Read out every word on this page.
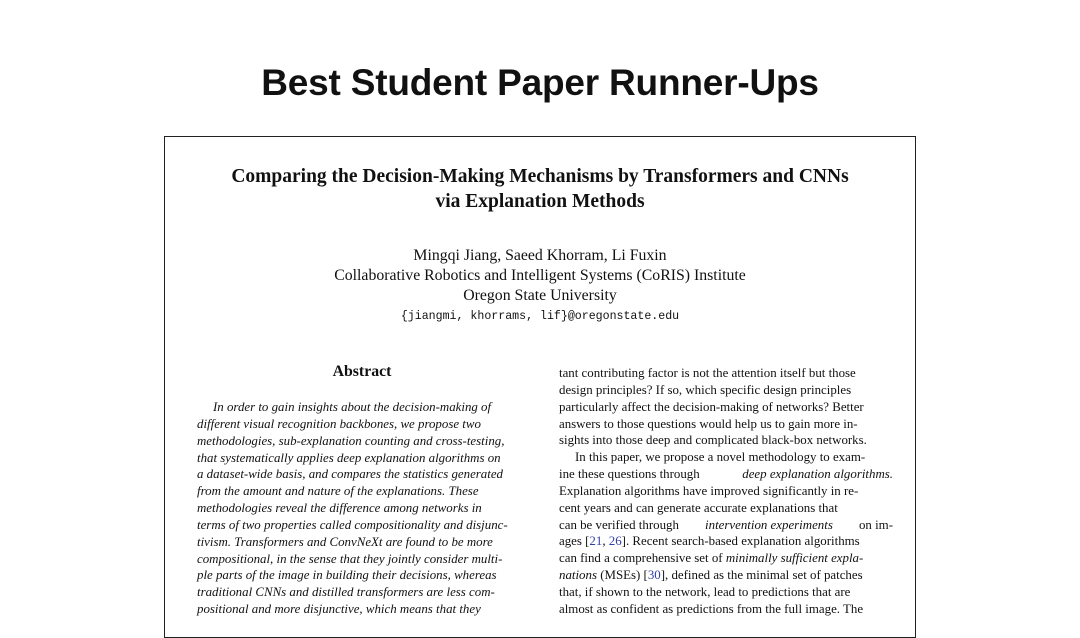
Best Student Paper Runner-Ups
Comparing the Decision-Making Mechanisms by Transformers and CNNs
via Explanation Methods
Mingqi Jiang, Saeed Khorram, Li Fuxin
Collaborative Robotics and Intelligent Systems (CoRIS) Institute
Oregon State University
{jiangmi, khorrams, lif}@oregonstate.edu
Abstract
In order to gain insights about the decision-making of
different visual recognition backbones, we propose two
methodologies, sub-explanation counting and cross-testing,
that systematically applies deep explanation algorithms on
a dataset-wide basis, and compares the statistics generated
from the amount and nature of the explanations. These
methodologies reveal the difference among networks in
terms of two properties called compositionality and disjunc-
tivism. Transformers and ConvNeXt are found to be more
compositional, in the sense that they jointly consider multi-
ple parts of the image in building their decisions, whereas
traditional CNNs and distilled transformers are less com-
positional and more disjunctive, which means that they
tant contributing factor is not the attention itself but those
design principles? If so, which specific design principles
particularly affect the decision-making of networks? Better
answers to those questions would help us to gain more in-
sights into those deep and complicated black-box networks.
In this paper, we propose a novel methodology to exam-
ine these questions through	deep explanation algorithms.
Explanation algorithms have improved significantly in re-
cent years and can generate accurate explanations that
can be verified through intervention experiments on im-
ages [ 21 , 26 ]. Recent search-based explanation algorithms
can find a comprehensive set of minimally sufficient expla-
nations (MSEs) [ 30 ], defined as the minimal set of patches
that, if shown to the network, lead to predictions that are
almost as confident as predictions from the full image. The
